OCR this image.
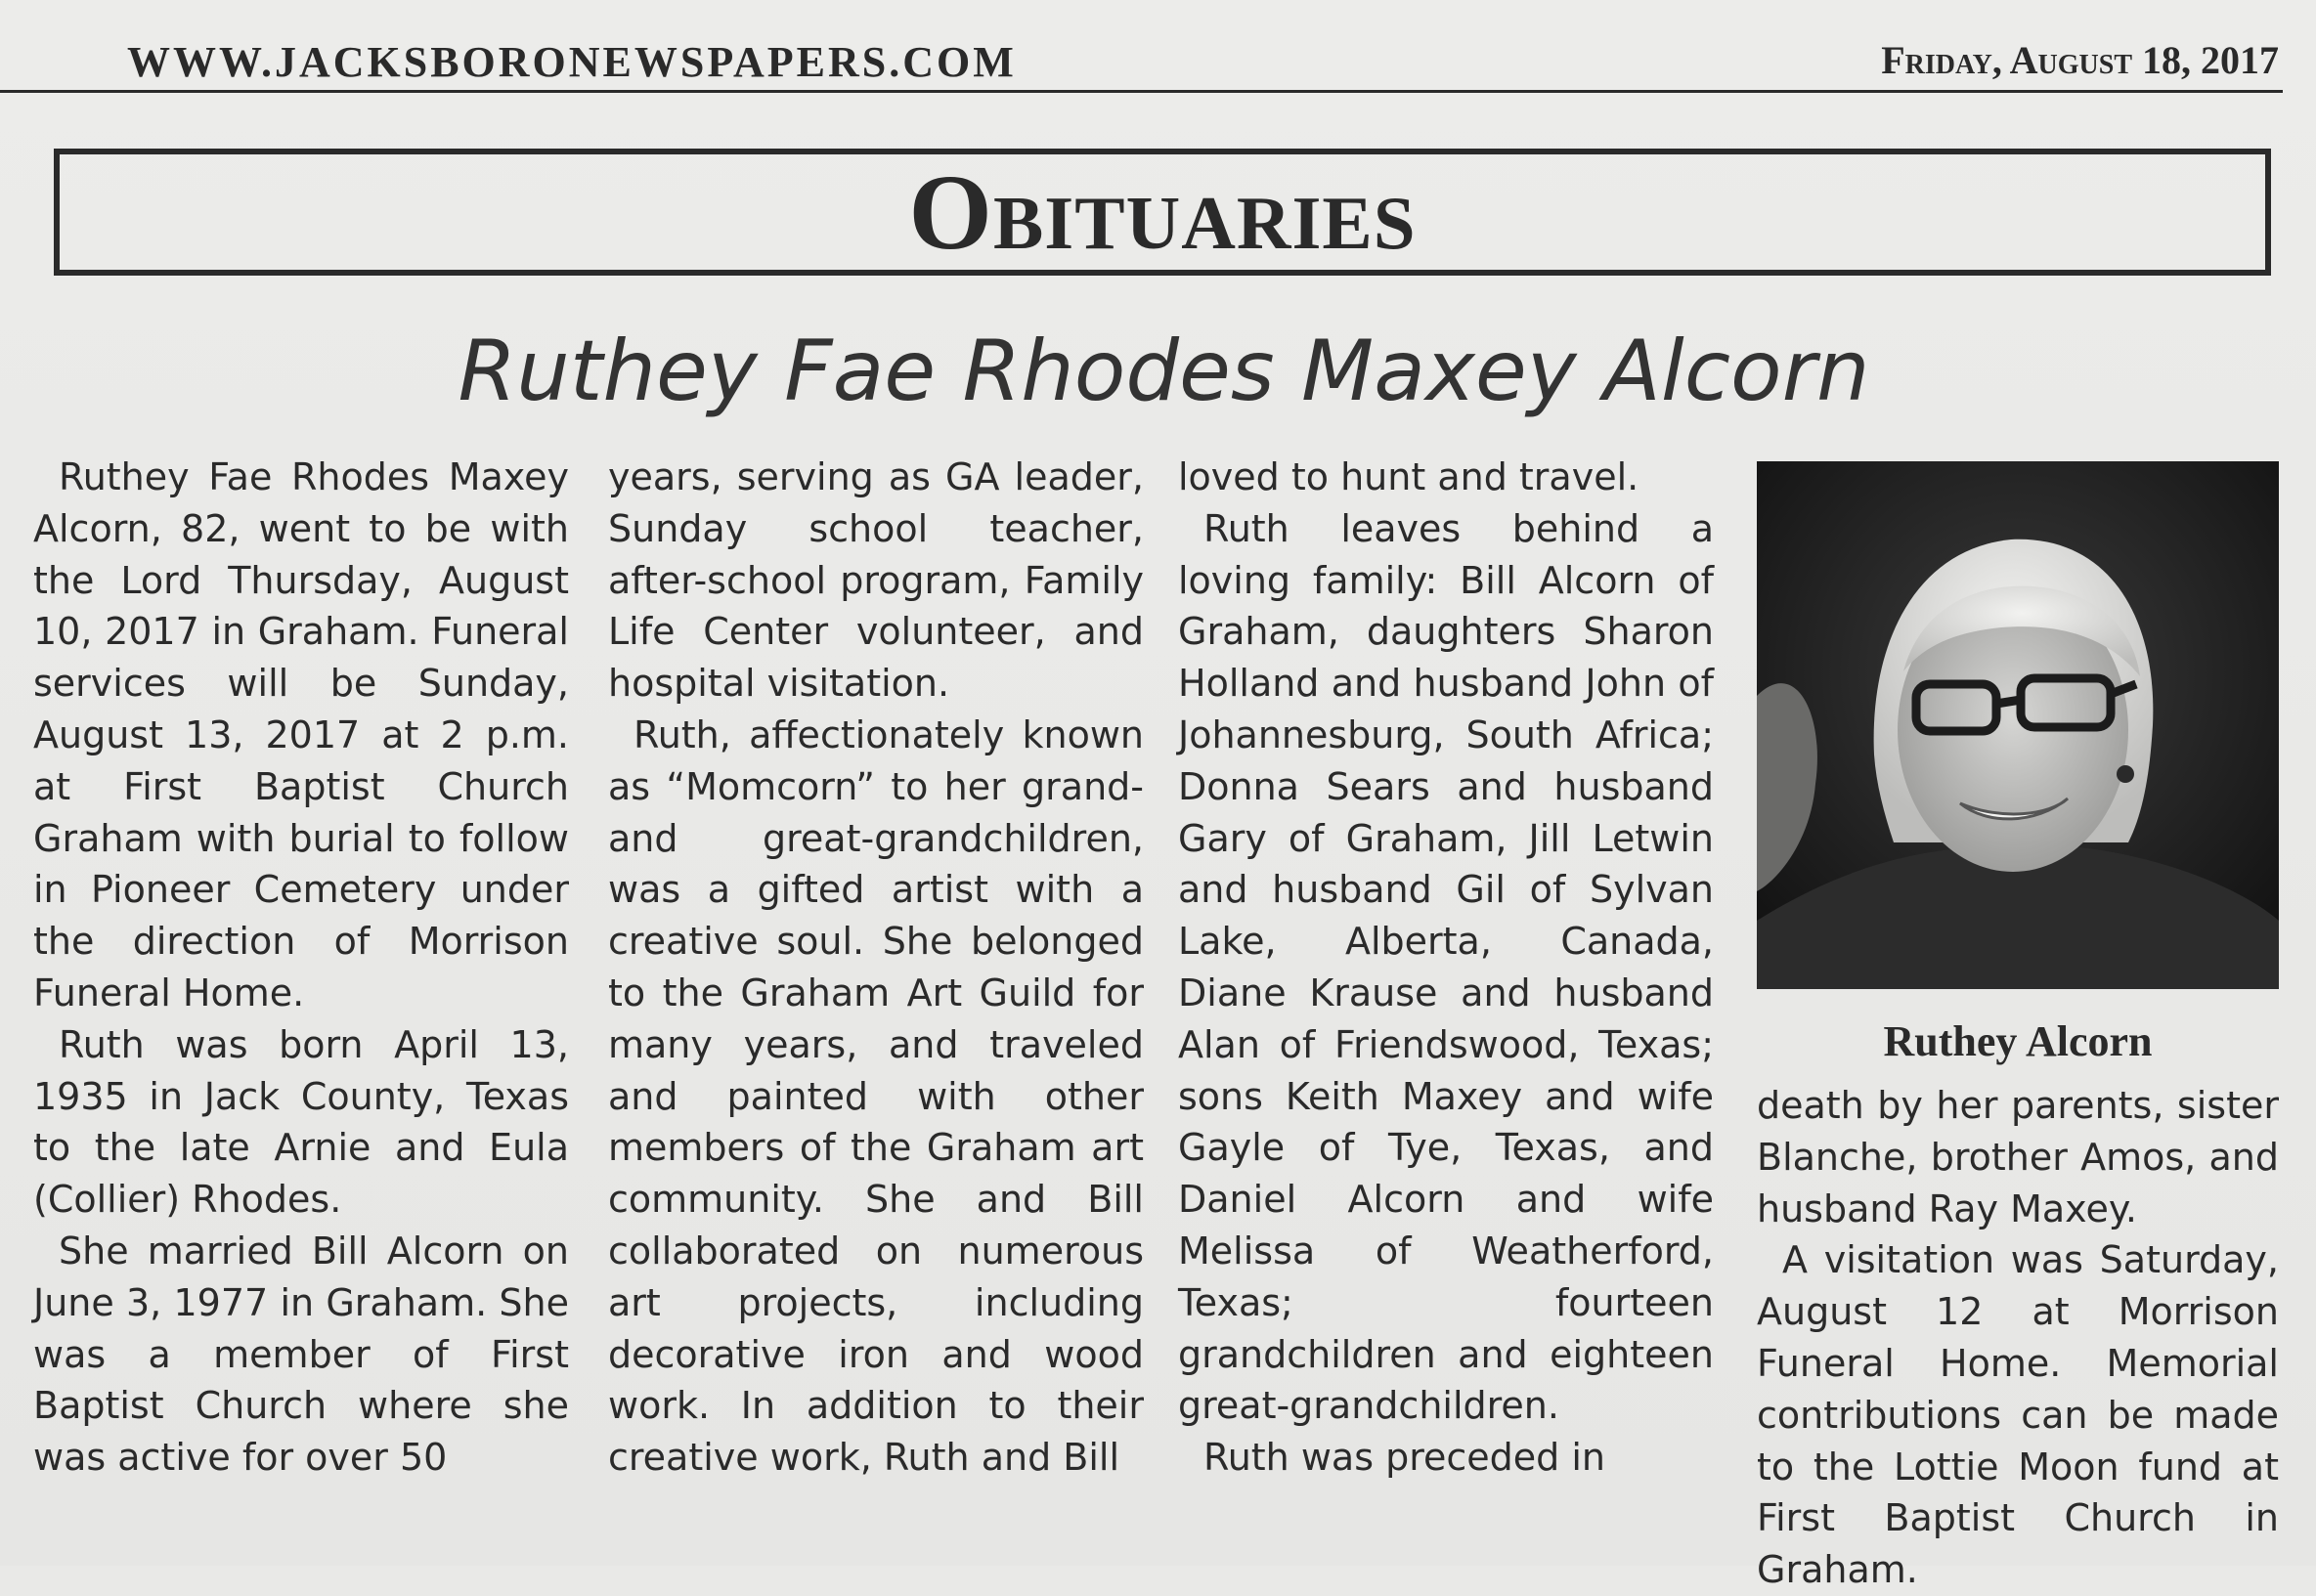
WWW.JACKSBORONEWSPAPERS.COM	Friday, August 18, 2017
Obituaries
Ruthey Fae Rhodes Maxey Alcorn

Ruthey Fae Rhodes Maxey Alcorn, 82, went to be with the Lord Thursday, August 10, 2017 in Graham. Funeral services will be Sunday, August 13, 2017 at 2 p.m. at First Baptist Church Graham with burial to follow in Pioneer Cemetery under the direction of Morrison Funeral Home.

Ruth was born April 13, 1935 in Jack County, Texas to the late Arnie and Eula (Collier) Rhodes.

She married Bill Alcorn on June 3, 1977 in Graham. She was a member of First Baptist Church where she was active for over 50

years, serving as GA leader, Sunday school teacher, after-school program, Family Life Center volunteer, and hospital visitation.

Ruth, affectionately known as “Momcorn” to her grand- and great-grandchildren, was a gifted artist with a creative soul. She belonged to the Graham Art Guild for many years, and traveled and painted with other members of the Graham art community. She and Bill collaborated on numerous art projects, including decorative iron and wood work. In addition to their creative work, Ruth and Bill

loved to hunt and travel.

Ruth leaves behind a loving family: Bill Alcorn of Graham, daughters Sharon Holland and husband John of Johannesburg, South Africa; Donna Sears and husband Gary of Graham, Jill Letwin and husband Gil of Sylvan Lake, Alberta, Canada, Diane Krause and husband Alan of Friendswood, Texas; sons Keith Maxey and wife Gayle of Tye, Texas, and Daniel Alcorn and wife Melissa of Weatherford, Texas; fourteen grandchildren and eighteen great-grandchildren.

Ruth was preceded in

Ruthey Alcorn

death by her parents, sister Blanche, brother Amos, and husband Ray Maxey.

A visitation was Saturday, August 12 at Morrison Funeral Home. Memorial contributions can be made to the Lottie Moon fund at First Baptist Church in Graham.
